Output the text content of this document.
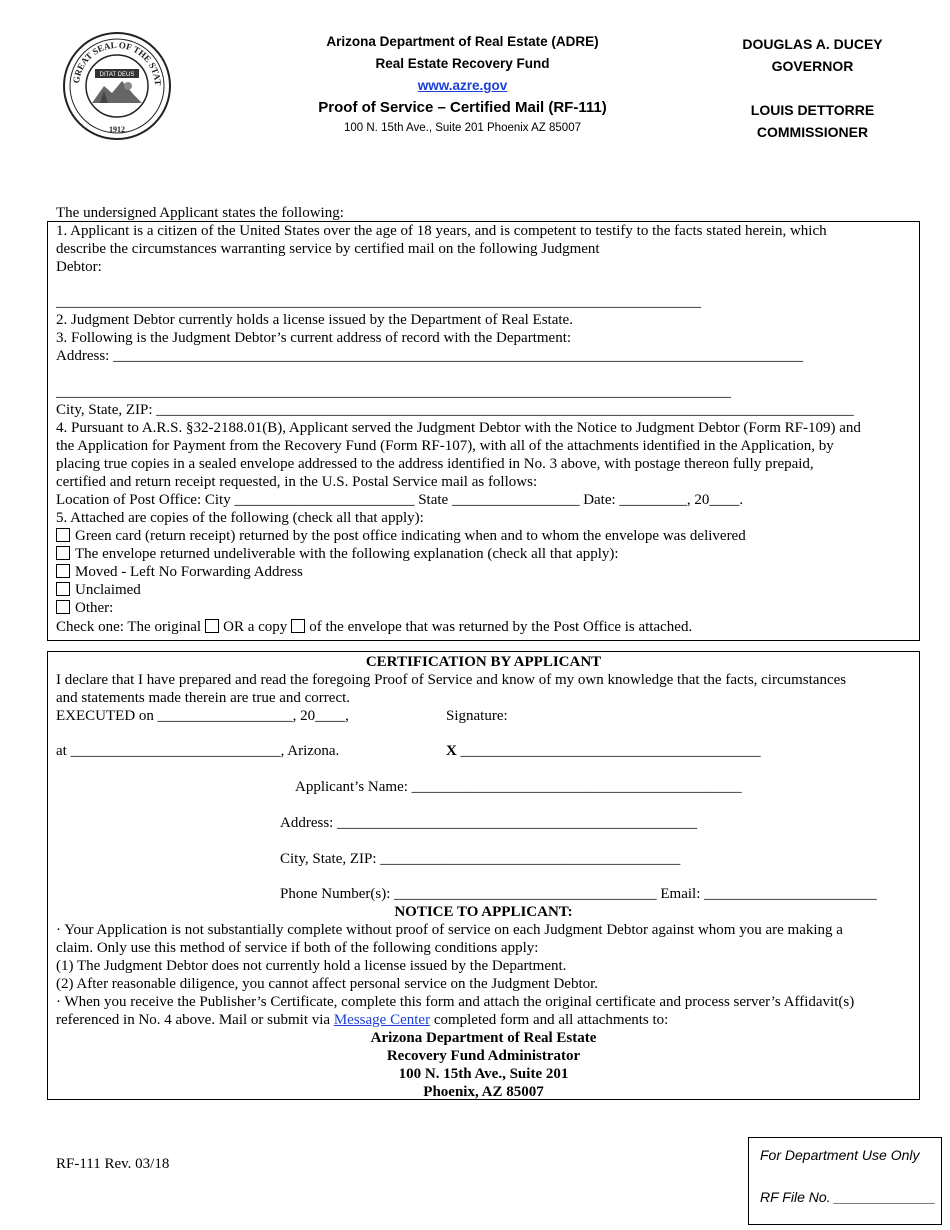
GREAT SEAL OF THE STAT
DITAT DEUS
1912
Arizona Department of Real Estate (ADRE)
Real Estate Recovery Fund
www.azre.gov
Proof of Service – Certified Mail (RF-111)
100 N. 15th Ave., Suite 201 Phoenix AZ 85007
DOUGLAS A. DUCEY
GOVERNOR
LOUIS DETTORRE
COMMISSIONER
The undersigned Applicant states the following:
1. Applicant is a citizen of the United States over the age of 18 years, and is competent to testify to the facts stated herein, which
describe the circumstances warranting service by certified mail on the following Judgment
Debtor:
______________________________________________________________________________________
2. Judgment Debtor currently holds a license issued by the Department of Real Estate.
3. Following is the Judgment Debtor’s current address of record with the Department:
Address: ____________________________________________________________________________________________
__________________________________________________________________________________________
City, State, ZIP: _____________________________________________________________________________________________
4. Pursuant to A.R.S. §32-2188.01(B), Applicant served the Judgment Debtor with the Notice to Judgment Debtor (Form RF-109) and
the Application for Payment from the Recovery Fund (Form RF-107), with all of the attachments identified in the Application, by
placing true copies in a sealed envelope addressed to the address identified in No. 3 above, with postage thereon fully prepaid,
certified and return receipt requested, in the U.S. Postal Service mail as follows:
Location of Post Office: City ________________________ State _________________ Date: _________, 20____.
5. Attached are copies of the following (check all that apply):
Green card (return receipt) returned by the post office indicating when and to whom the envelope was delivered
The envelope returned undeliverable with the following explanation (check all that apply):
Moved - Left No Forwarding Address
Unclaimed
Other:
Check one: The original OR a copy of the envelope that was returned by the Post Office is attached.
CERTIFICATION BY APPLICANT
I declare that I have prepared and read the foregoing Proof of Service and know of my own knowledge that the facts, circumstances
and statements made therein are true and correct.
EXECUTED on __________________, 20____,	Signature:
at ____________________________, Arizona.	X ________________________________________
Applicant’s Name: ____________________________________________
Address: ________________________________________________
City, State, ZIP: ________________________________________
Phone Number(s): ___________________________________ Email: _______________________
NOTICE TO APPLICANT:
· Your Application is not substantially complete without proof of service on each Judgment Debtor against whom you are making a
claim. Only use this method of service if both of the following conditions apply:
(1) The Judgment Debtor does not currently hold a license issued by the Department.
(2) After reasonable diligence, you cannot affect personal service on the Judgment Debtor.
· When you receive the Publisher’s Certificate, complete this form and attach the original certificate and process server’s Affidavit(s)
referenced in No. 4 above. Mail or submit via Message Center completed form and all attachments to:
Arizona Department of Real Estate
Recovery Fund Administrator
100 N. 15th Ave., Suite 201
Phoenix, AZ 85007
RF-111 Rev. 03/18
For Department Use Only
RF File No. _____________
